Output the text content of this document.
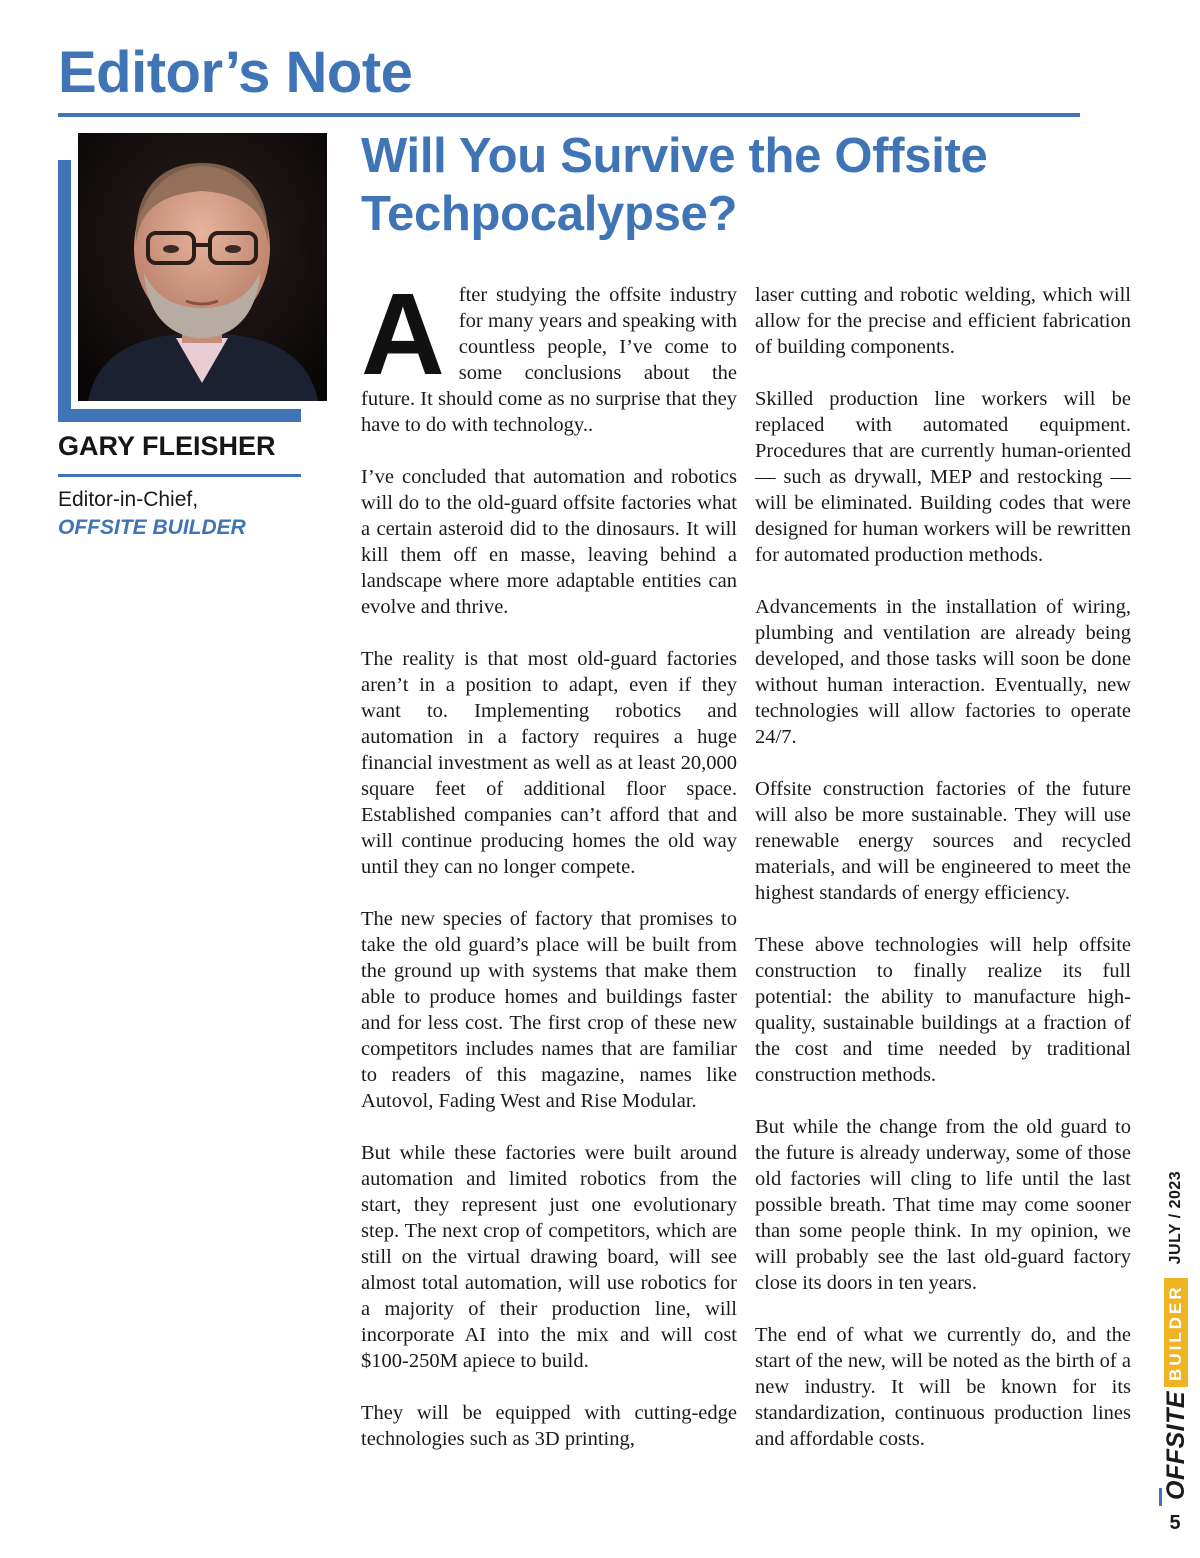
Editor’s Note
GARY FLEISHER
Editor-in-Chief,
OFFSITE BUILDER
Will You Survive the Offsite Techpocalypse?

After studying the offsite industry for many years and speaking with countless people, I’ve come to some conclusions about the future. It should come as no surprise that they have to do with technology..

I’ve concluded that automation and robotics will do to the old-guard offsite factories what a certain asteroid did to the dinosaurs. It will kill them off en masse, leaving behind a landscape where more adaptable entities can evolve and thrive.

The reality is that most old-guard factories aren’t in a position to adapt, even if they want to. Implementing robotics and automation in a factory requires a huge financial investment as well as at least 20,000 square feet of additional floor space. Established companies can’t afford that and will continue producing homes the old way until they can no longer compete.

The new species of factory that promises to take the old guard’s place will be built from the ground up with systems that make them able to produce homes and buildings faster and for less cost. The first crop of these new competitors includes names that are familiar to readers of this magazine, names like Autovol, Fading West and Rise Modular.

But while these factories were built around automation and limited robotics from the start, they represent just one evolutionary step. The next crop of competitors, which are still on the virtual drawing board, will see almost total automation, will use robotics for a majority of their production line, will incorporate AI into the mix and will cost $100-250M apiece to build.

They will be equipped with cutting-edge technologies such as 3D printing,

laser cutting and robotic welding, which will allow for the precise and efficient fabrication of building components.

Skilled production line workers will be replaced with automated equipment. Procedures that are currently human-oriented — such as drywall, MEP and restocking — will be eliminated. Building codes that were designed for human workers will be rewritten for automated production methods.

Advancements in the installation of wiring, plumbing and ventilation are already being developed, and those tasks will soon be done without human interaction. Eventually, new technologies will allow factories to operate 24/7.

Offsite construction factories of the future will also be more sustainable. They will use renewable energy sources and recycled materials, and will be engineered to meet the highest standards of energy efficiency.

These above technologies will help offsite construction to finally realize its full potential: the ability to manufacture high-quality, sustainable buildings at a fraction of the cost and time needed by traditional construction methods.

But while the change from the old guard to the future is already underway, some of those old factories will cling to life until the last possible breath. That time may come sooner than some people think. In my opinion, we will probably see the last old-guard factory close its doors in ten years.

The end of what we currently do, and the start of the new, will be noted as the birth of a new industry. It will be known for its standardization, continuous production lines and affordable costs.	OFFSITE
BUILDER
JULY / 2023
5
